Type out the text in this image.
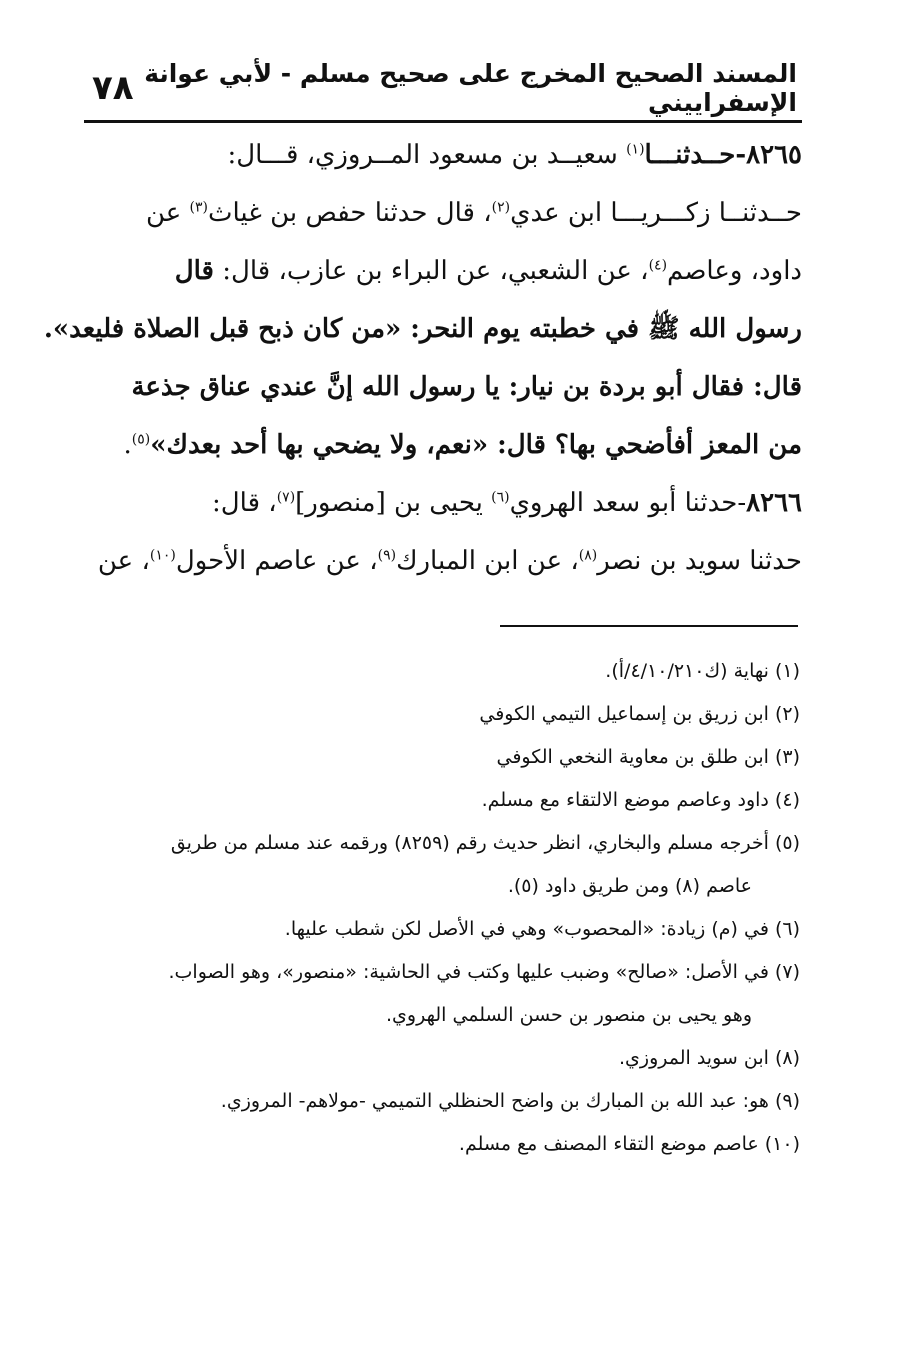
٧٨ المسند الصحيح المخرج على صحيح مسلم - لأبي عوانة الإسفراييني
٨٢٦٥-حــدثنـــا$^{(١)}$ سعيــد بن مسعود المــروزي، قـــال:
حــدثنــا زكـــريـــا ابن عدي$^{(٢)}$، قال حدثنا حفص بن غياث$^{(٣)}$ عن
داود، وعاصم$^{(٤)}$، عن الشعبي، عن البراء بن عازب، قال: قال
رسول الله ﷺ في خطبته يوم النحر: «من كان ذبح قبل الصلاة فليعد».
قال: فقال أبو بردة بن نيار: يا رسول الله إنَّ عندي عناق جذعة
من المعز أفأضحي بها؟ قال: «نعم، ولا يضحي بها أحد بعدك»$^{(٥)}$.
٨٢٦٦-حدثنا أبو سعد الهروي$^{(٦)}$ يحيى بن [منصور]$^{(٧)}$، قال:
حدثنا سويد بن نصر$^{(٨)}$، عن ابن المبارك$^{(٩)}$، عن عاصم الأحول$^{(١٠)}$، عن
(١) نهاية (ك٤/١٠/٢١٠/أ).
(٢) ابن زريق بن إسماعيل التيمي الكوفي
(٣) ابن طلق بن معاوية النخعي الكوفي
(٤) داود وعاصم موضع الالتقاء مع مسلم.
(٥) أخرجه مسلم والبخاري، انظر حديث رقم (٨٢٥٩) ورقمه عند مسلم من طريق
عاصم (٨) ومن طريق داود (٥).
(٦) في (م) زيادة: «المحصوب» وهي في الأصل لكن شطب عليها.
(٧) في الأصل: «صالح» وضبب عليها وكتب في الحاشية: «منصور»، وهو الصواب.
وهو يحيى بن منصور بن حسن السلمي الهروي.
(٨) ابن سويد المروزي.
(٩) هو: عبد الله بن المبارك بن واضح الحنظلي التميمي -مولاهم- المروزي.
(١٠) عاصم موضع التقاء المصنف مع مسلم.
